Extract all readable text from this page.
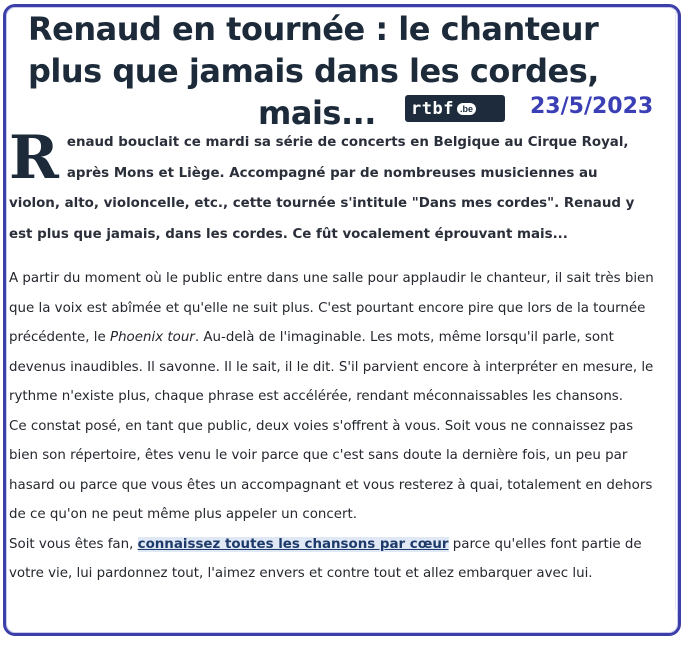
Renaud en tournée : le chanteur
plus que jamais dans les cordes,

mais...	rtbf .be	23/5/2023
R enaud bouclait ce mardi sa série de concerts en Belgique au Cirque Royal, après Mons et Liège. Accompagné par de nombreuses musiciennes au violon, alto, violoncelle, etc., cette tournée s'intitule "Dans mes cordes". Renaud y est plus que jamais, dans les cordes. Ce fût vocalement éprouvant mais...

A partir du moment où le public entre dans une salle pour applaudir le chanteur, il sait très bien que la voix est abîmée et qu'elle ne suit plus. C'est pourtant encore pire que lors de la tournée précédente, le Phoenix tour. Au-delà de l'imaginable. Les mots, même lorsqu'il parle, sont devenus inaudibles. Il savonne. Il le sait, il le dit. S'il parvient encore à interpréter en mesure, le rythme n'existe plus, chaque phrase est accélérée, rendant méconnaissables les chansons.

Ce constat posé, en tant que public, deux voies s'offrent à vous. Soit vous ne connaissez pas bien son répertoire, êtes venu le voir parce que c'est sans doute la dernière fois, un peu par hasard ou parce que vous êtes un accompagnant et vous resterez à quai, totalement en dehors de ce qu'on ne peut même plus appeler un concert.

Soit vous êtes fan, connaissez toutes les chansons par cœur parce qu'elles font partie de votre vie, lui pardonnez tout, l'aimez envers et contre tout et allez embarquer avec lui.
